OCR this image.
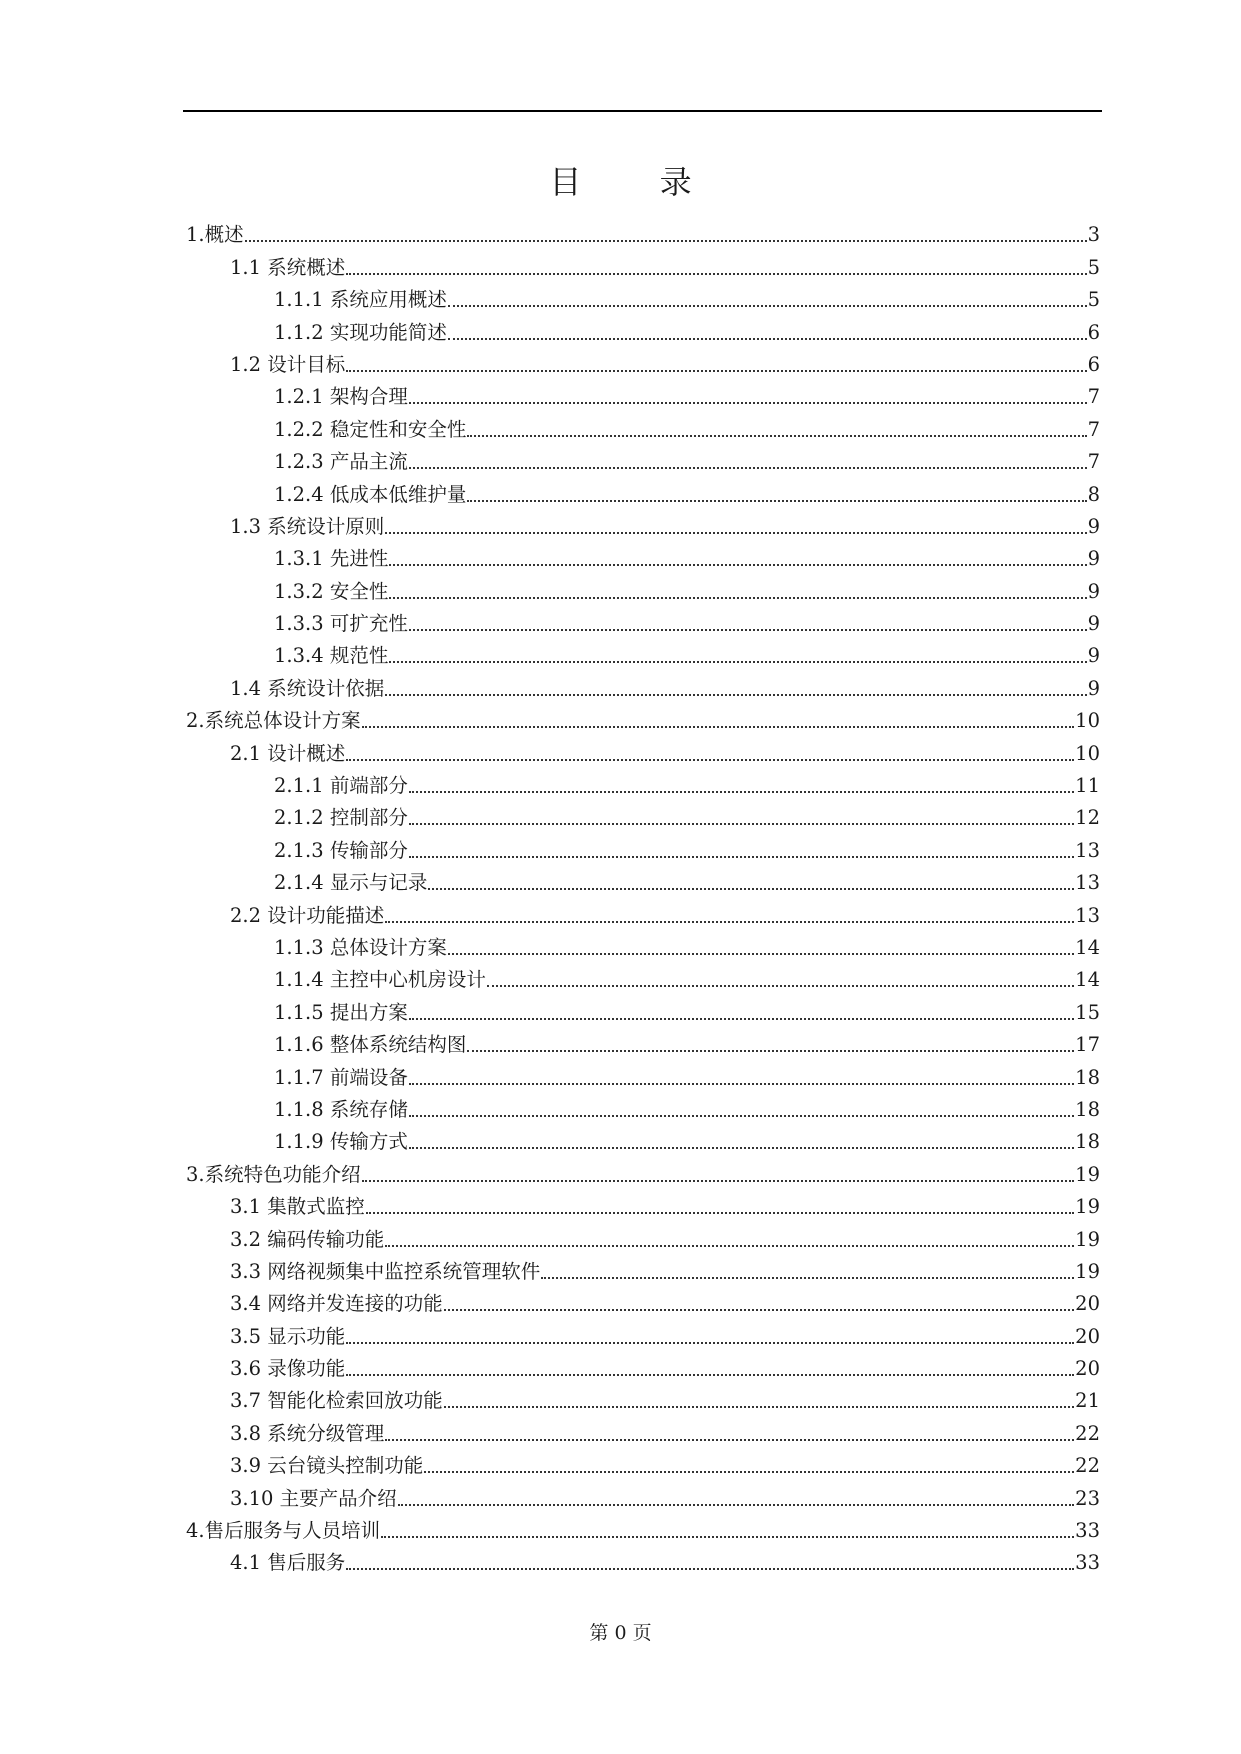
目 录
1.概述	3
1.1 系统概述	5
1.1.1 系统应用概述	5
1.1.2 实现功能简述	6
1.2 设计目标	6
1.2.1 架构合理	7
1.2.2 稳定性和安全性	7
1.2.3 产品主流	7
1.2.4 低成本低维护量	8
1.3 系统设计原则	9
1.3.1 先进性	9
1.3.2 安全性	9
1.3.3 可扩充性	9
1.3.4 规范性	9
1.4 系统设计依据	9
2.系统总体设计方案	10
2.1 设计概述	10
2.1.1 前端部分	11
2.1.2 控制部分	12
2.1.3 传输部分	13
2.1.4 显示与记录	13
2.2 设计功能描述	13
1.1.3 总体设计方案	14
1.1.4 主控中心机房设计	14
1.1.5 提出方案	15
1.1.6 整体系统结构图	17
1.1.7 前端设备	18
1.1.8 系统存储	18
1.1.9 传输方式	18
3.系统特色功能介绍	19
3.1 集散式监控	19
3.2 编码传输功能	19
3.3 网络视频集中监控系统管理软件	19
3.4 网络并发连接的功能	20
3.5 显示功能	20
3.6 录像功能	20
3.7 智能化检索回放功能	21
3.8 系统分级管理	22
3.9 云台镜头控制功能	22
3.10 主要产品介绍	23
4.售后服务与人员培训	33
4.1 售后服务	33
第 0 页
